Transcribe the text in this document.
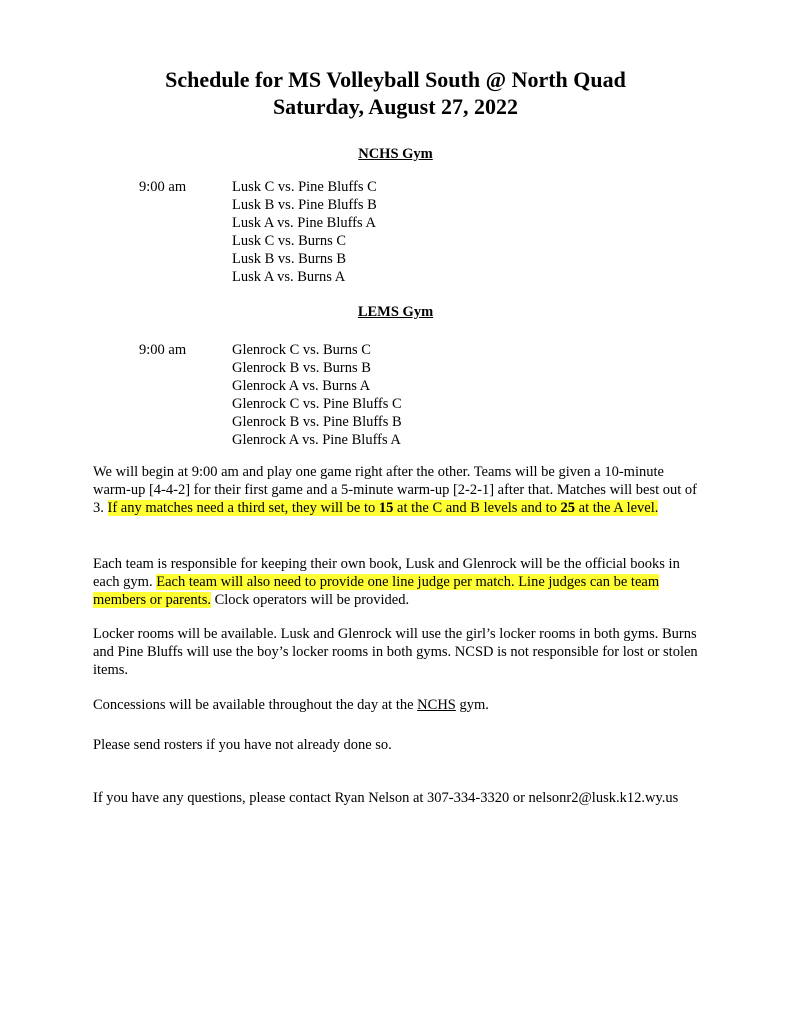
Schedule for MS Volleyball South @ North Quad
Saturday, August 27, 2022
NCHS Gym
9:00 am	Lusk C vs. Pine Bluffs C
Lusk B vs. Pine Bluffs B
Lusk A vs. Pine Bluffs A
Lusk C vs. Burns C
Lusk B vs. Burns B
Lusk A vs. Burns A
LEMS Gym
9:00 am	Glenrock C vs. Burns C
Glenrock B vs. Burns B
Glenrock A vs. Burns A
Glenrock C vs. Pine Bluffs C
Glenrock B vs. Pine Bluffs B
Glenrock A vs. Pine Bluffs A

We will begin at 9:00 am and play one game right after the other. Teams will be given a 10-minute warm-up [4-4-2] for their first game and a 5-minute warm-up [2-2-1] after that. Matches will best out of 3. If any matches need a third set, they will be to 15 at the C and B levels and to 25 at the A level.

Each team is responsible for keeping their own book, Lusk and Glenrock will be the official books in each gym. Each team will also need to provide one line judge per match. Line judges can be team members or parents. Clock operators will be provided.

Locker rooms will be available. Lusk and Glenrock will use the girl’s locker rooms in both gyms. Burns and Pine Bluffs will use the boy’s locker rooms in both gyms. NCSD is not responsible for lost or stolen items.

Concessions will be available throughout the day at the NCHS gym.

Please send rosters if you have not already done so.

If you have any questions, please contact Ryan Nelson at 307-334-3320 or nelsonr2@lusk.k12.wy.us
